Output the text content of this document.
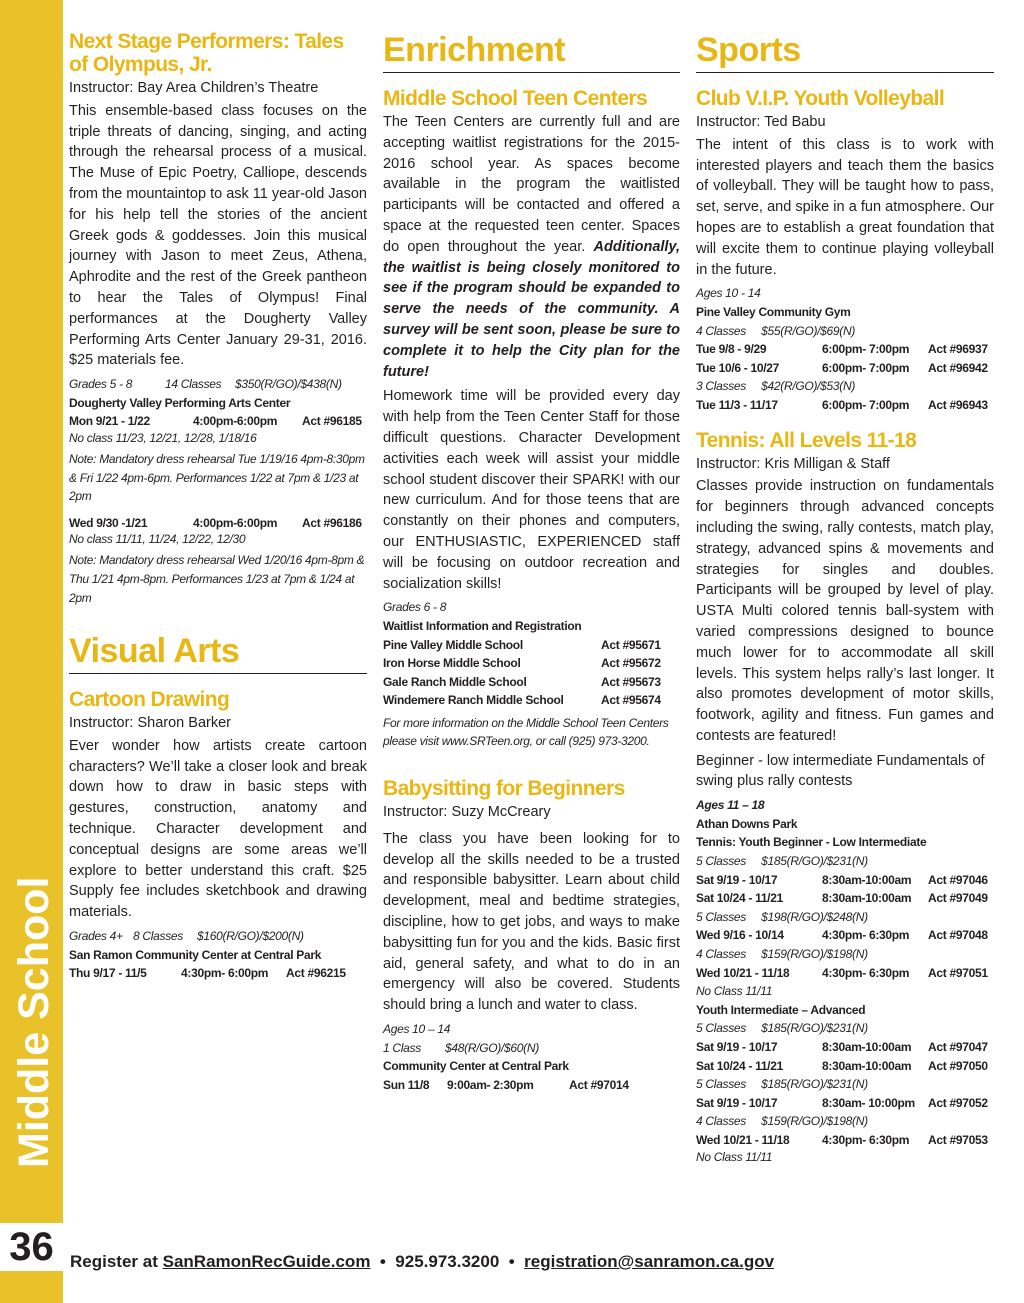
Middle School
36
Next Stage Performers: Tales of Olympus, Jr.

Instructor: Bay Area Children’s Theatre

This ensemble-based class focuses on the triple threats of dancing, singing, and acting through the rehearsal process of a musical. The Muse of Epic Poetry, Calliope, descends from the mountaintop to ask 11 year-old Jason for his help tell the stories of the ancient Greek gods & goddesses. Join this musical journey with Jason to meet Zeus, Athena, Aphrodite and the rest of the Greek pantheon to hear the Tales of Olympus! Final performances at the Dougherty Valley Performing Arts Center January 29-31, 2016. $25 materials fee.

Grades 5 - 8	14 Classes	$350(R/GO)/$438(N)
Dougherty Valley Performing Arts Center
Mon 9/21 - 1/22	4:00pm-6:00pm	Act #96185
No class 11/23, 12/21, 12/28, 1/18/16
Note: Mandatory dress rehearsal Tue 1/19/16 4pm-8:30pm & Fri 1/22 4pm-6pm. Performances 1/22 at 7pm & 1/23 at 2pm
Wed 9/30 -1/21	4:00pm-6:00pm	Act #96186
No class 11/11, 11/24, 12/22, 12/30
Note: Mandatory dress rehearsal Wed 1/20/16 4pm-8pm & Thu 1/21 4pm-8pm. Performances 1/23 at 7pm & 1/24 at 2pm
Visual Arts
Cartoon Drawing

Instructor: Sharon Barker

Ever wonder how artists create cartoon characters? We’ll take a closer look and break down how to draw in basic steps with gestures, construction, anatomy and technique. Character development and conceptual designs are some areas we’ll explore to better understand this craft. $25 Supply fee includes sketchbook and drawing materials.

Grades 4+ 8 Classes	$160(R/GO)/$200(N)
San Ramon Community Center at Central Park
Thu 9/17 - 11/5	4:30pm- 6:00pm	Act #96215
Enrichment
Middle School Teen Centers

The Teen Centers are currently full and are accepting waitlist registrations for the 2015-2016 school year. As spaces become available in the program the waitlisted participants will be contacted and offered a space at the requested teen center. Spaces do open throughout the year. Additionally, the waitlist is being closely monitored to see if the program should be expanded to serve the needs of the community. A survey will be sent soon, please be sure to complete it to help the City plan for the future!

Homework time will be provided every day with help from the Teen Center Staff for those difficult questions. Character Development activities each week will assist your middle school student discover their SPARK! with our new curriculum. And for those teens that are constantly on their phones and computers, our ENTHUSIASTIC, EXPERIENCED staff will be focusing on outdoor recreation and socialization skills!

Grades 6 - 8
Waitlist Information and Registration
Pine Valley Middle School	Act #95671
Iron Horse Middle School	Act #95672
Gale Ranch Middle School	Act #95673
Windemere Ranch Middle School	Act #95674
For more information on the Middle School Teen Centers please visit www.SRTeen.org, or call (925) 973-3200.
Babysitting for Beginners

Instructor: Suzy McCreary

The class you have been looking for to develop all the skills needed to be a trusted and responsible babysitter. Learn about child development, meal and bedtime strategies, discipline, how to get jobs, and ways to make babysitting fun for you and the kids. Basic first aid, general safety, and what to do in an emergency will also be covered. Students should bring a lunch and water to class.

Ages 10 – 14
1 Class	$48(R/GO)/$60(N)
Community Center at Central Park
Sun 11/8	9:00am- 2:30pm	Act #97014
Sports
Club V.I.P. Youth Volleyball

Instructor: Ted Babu

The intent of this class is to work with interested players and teach them the basics of volleyball. They will be taught how to pass, set, serve, and spike in a fun atmosphere. Our hopes are to establish a great foundation that will excite them to continue playing volleyball in the future.

Ages 10 - 14
Pine Valley Community Gym
4 Classes     $55(R/GO)/$69(N)
Tue 9/8 - 9/29	6:00pm- 7:00pm	Act #96937
Tue 10/6 - 10/27	6:00pm- 7:00pm	Act #96942
3 Classes     $42(R/GO)/$53(N)
Tue 11/3 - 11/17	6:00pm- 7:00pm	Act #96943
Tennis: All Levels 11-18

Instructor: Kris Milligan & Staff

Classes provide instruction on fundamentals for beginners through advanced concepts including the swing, rally contests, match play, strategy, advanced spins & movements and strategies for singles and doubles. Participants will be grouped by level of play. USTA Multi colored tennis ball-system with varied compressions designed to bounce much lower for to accommodate all skill levels. This system helps rally’s last longer. It also promotes development of motor skills, footwork, agility and fitness. Fun games and contests are featured!

Beginner - low intermediate Fundamentals of swing plus rally contests

Ages 11 – 18
Athan Downs Park
Tennis: Youth Beginner - Low Intermediate
5 Classes     $185(R/GO)/$231(N)
Sat 9/19 - 10/17	8:30am-10:00am	Act #97046
Sat 10/24 - 11/21	8:30am-10:00am	Act #97049
5 Classes     $198(R/GO)/$248(N)
Wed 9/16 - 10/14	4:30pm- 6:30pm	Act #97048
4 Classes     $159(R/GO)/$198(N)
Wed 10/21 - 11/18	4:30pm- 6:30pm	Act #97051
No Class 11/11
Youth Intermediate – Advanced
5 Classes     $185(R/GO)/$231(N)
Sat 9/19 - 10/17	8:30am-10:00am	Act #97047
Sat 10/24 - 11/21	8:30am-10:00am	Act #97050
5 Classes     $185(R/GO)/$231(N)
Sat 9/19 - 10/17	8:30am- 10:00pm	Act #97052
4 Classes     $159(R/GO)/$198(N)
Wed 10/21 - 11/18	4:30pm- 6:30pm	Act #97053
No Class 11/11
Register at SanRamonRecGuide.com • 925.973.3200 • registration@sanramon.ca.gov
